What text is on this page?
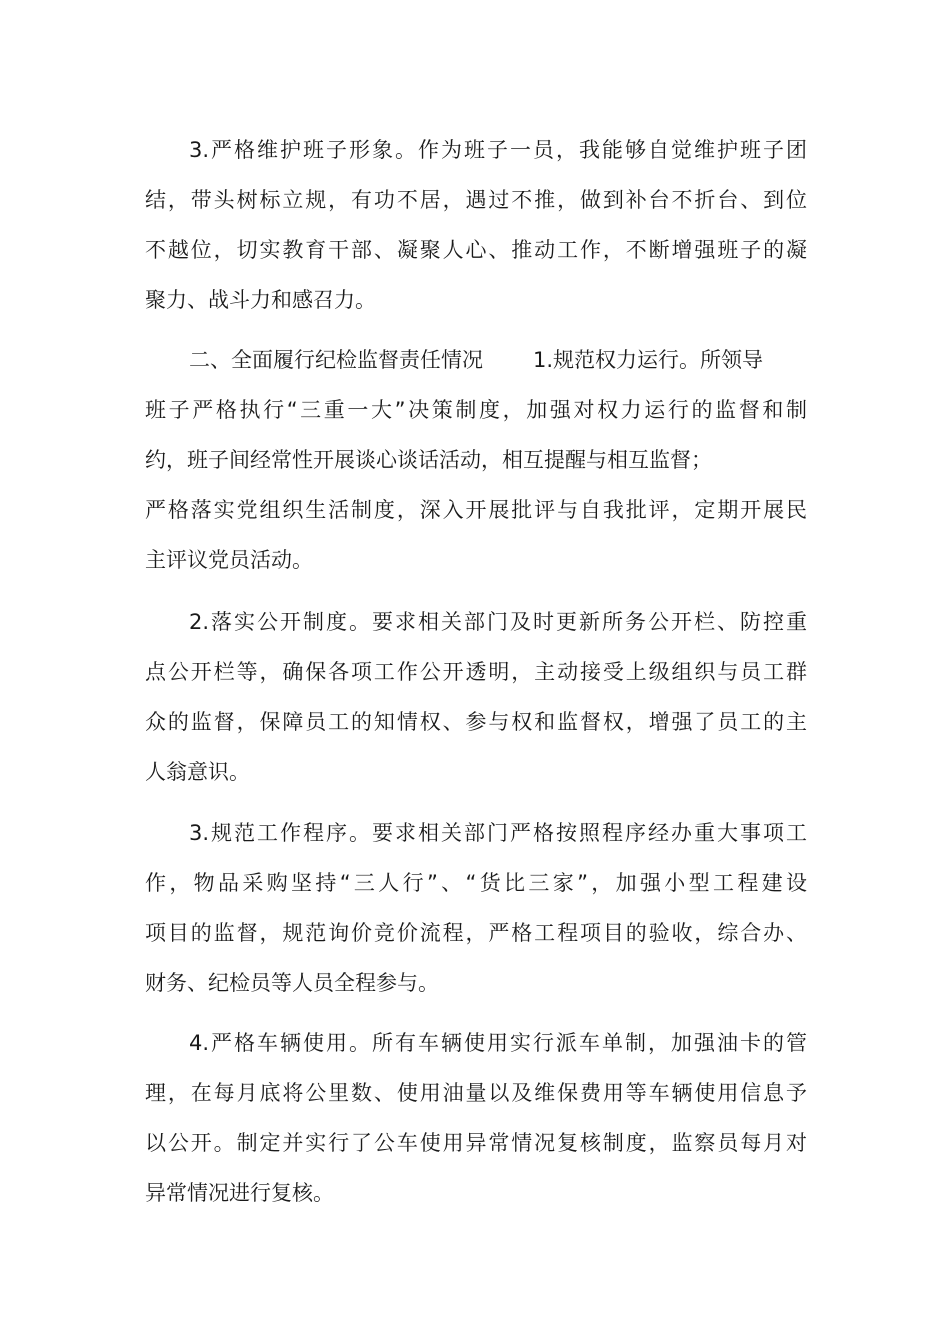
3.严格维护班子形象。作为班子一员，我能够自觉维护班子团
结，带头树标立规，有功不居，遇过不推，做到补台不折台、到位
不越位，切实教育干部、凝聚人心、推动工作，不断增强班子的凝
聚力、战斗力和感召力。
二、全面履行纪检监督责任情况 1.规范权力运行。所领导
班子严格执行“三重一大”决策制度，加强对权力运行的监督和制
约，班子间经常性开展谈心谈话活动，相互提醒与相互监督；
严格落实党组织生活制度，深入开展批评与自我批评，定期开展民
主评议党员活动。
2.落实公开制度。要求相关部门及时更新所务公开栏、防控重
点公开栏等，确保各项工作公开透明，主动接受上级组织与员工群
众的监督，保障员工的知情权、参与权和监督权，增强了员工的主
人翁意识。
3.规范工作程序。要求相关部门严格按照程序经办重大事项工
作，物品采购坚持“三人行”、“货比三家”，加强小型工程建设
项目的监督，规范询价竞价流程，严格工程项目的验收，综合办、
财务、纪检员等人员全程参与。
4.严格车辆使用。所有车辆使用实行派车单制，加强油卡的管
理，在每月底将公里数、使用油量以及维保费用等车辆使用信息予
以公开。制定并实行了公车使用异常情况复核制度，监察员每月对
异常情况进行复核。
